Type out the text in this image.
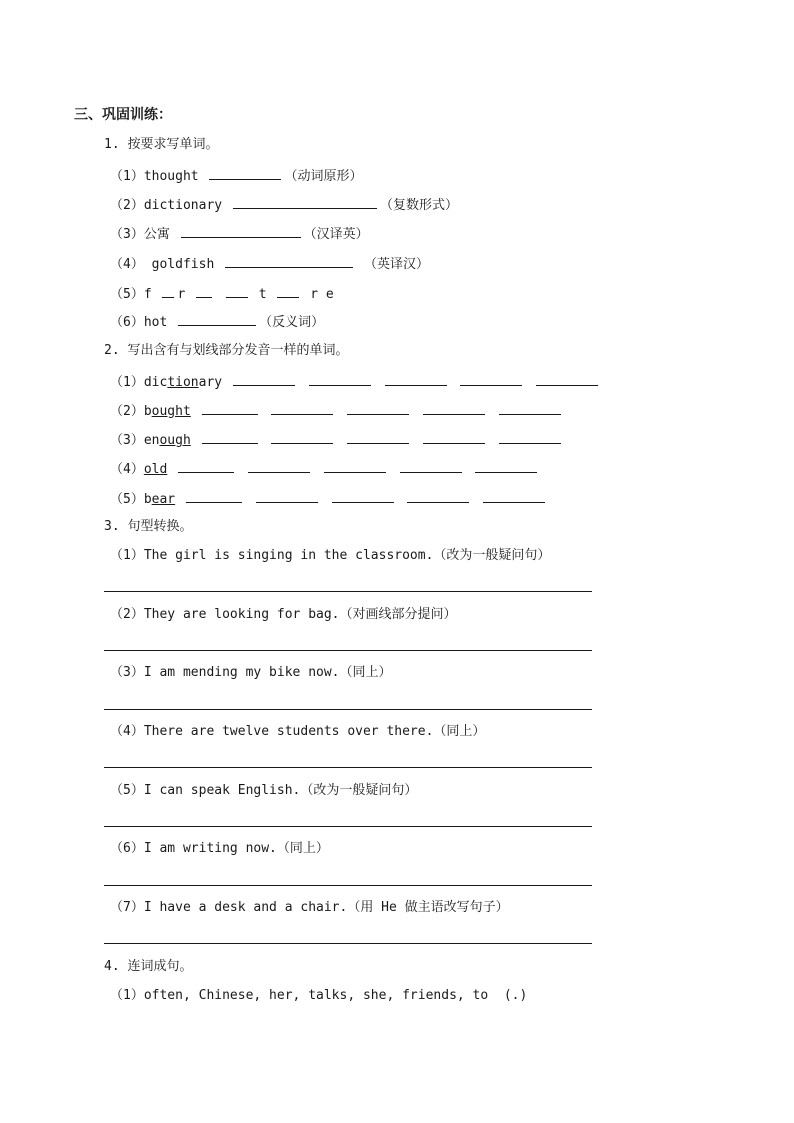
三、巩固训练：
1. 按要求写单词。
（1）thought	（动词原形）
（2）dictionary	（复数形式）
（3）公寓	（汉译英）
（4） goldfish	（英译汉）
（5）f r	t	r e
（6）hot	（反义词）
2. 写出含有与划线部分发音一样的单词。
（1）dictionary
（2）bought
（3）enough
（4）old
（5）bear
3. 句型转换。
（1）The girl is singing in the classroom.（改为一般疑问句）
（2）They are looking for bag.（对画线部分提问）
（3）I am mending my bike now.（同上）
（4）There are twelve students over there.（同上）
（5）I can speak English.（改为一般疑问句）
（6）I am writing now.（同上）
（7）I have a desk and a chair.（用 He 做主语改写句子）
4. 连词成句。
（1）often, Chinese, her, talks, she, friends, to  (.)
